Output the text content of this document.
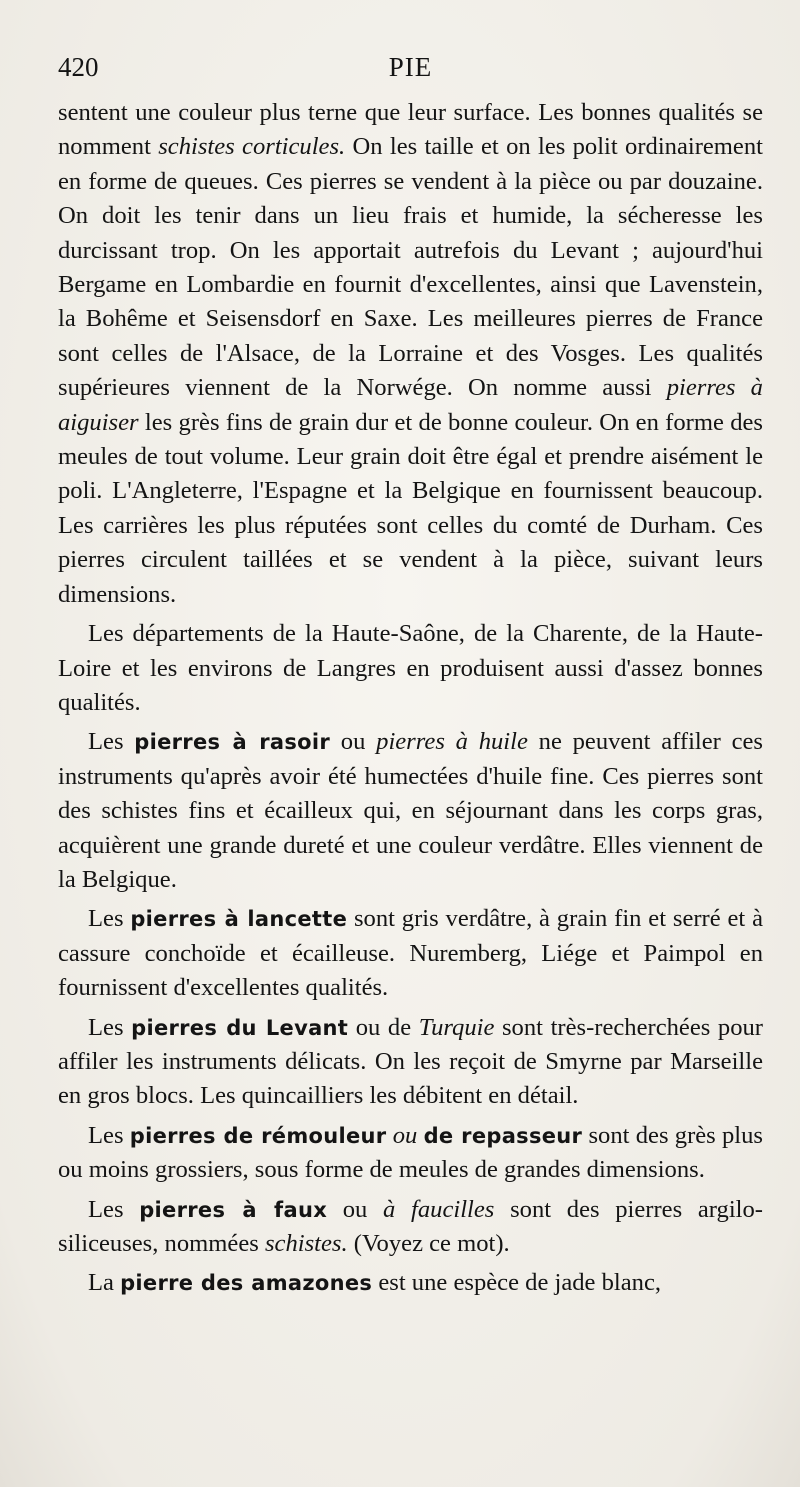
420	PIE

sentent une couleur plus terne que leur surface. Les bonnes qualités se nomment schistes corticules. On les taille et on les polit ordinairement en forme de queues. Ces pierres se vendent à la pièce ou par douzaine. On doit les tenir dans un lieu frais et humide, la sécheresse les durcissant trop. On les apportait autrefois du Levant ; aujourd'hui Bergame en Lombardie en fournit d'excellentes, ainsi que Lavenstein, la Bohême et Seisensdorf en Saxe. Les meilleures pierres de France sont celles de l'Alsace, de la Lorraine et des Vosges. Les qualités supérieures viennent de la Norwége. On nomme aussi pierres à aiguiser les grès fins de grain dur et de bonne couleur. On en forme des meules de tout volume. Leur grain doit être égal et prendre aisément le poli. L'Angleterre, l'Espagne et la Belgique en fournissent beaucoup. Les carrières les plus réputées sont celles du comté de Durham. Ces pierres circulent taillées et se vendent à la pièce, suivant leurs dimensions.

Les départements de la Haute-Saône, de la Charente, de la Haute-Loire et les environs de Langres en produisent aussi d'assez bonnes qualités.

Les pierres à rasoir ou pierres à huile ne peuvent affiler ces instruments qu'après avoir été humectées d'huile fine. Ces pierres sont des schistes fins et écailleux qui, en séjournant dans les corps gras, acquièrent une grande dureté et une couleur verdâtre. Elles viennent de la Belgique.

Les pierres à lancette sont gris verdâtre, à grain fin et serré et à cassure conchoïde et écailleuse. Nuremberg, Liége et Paimpol en fournissent d'excellentes qualités.

Les pierres du Levant ou de Turquie sont très-recherchées pour affiler les instruments délicats. On les reçoit de Smyrne par Marseille en gros blocs. Les quincailliers les débitent en détail.

Les pierres de rémouleur ou de repasseur sont des grès plus ou moins grossiers, sous forme de meules de grandes dimensions.

Les pierres à faux ou à faucilles sont des pierres argilo-siliceuses, nommées schistes. (Voyez ce mot).

La pierre des amazones est une espèce de jade blanc,
